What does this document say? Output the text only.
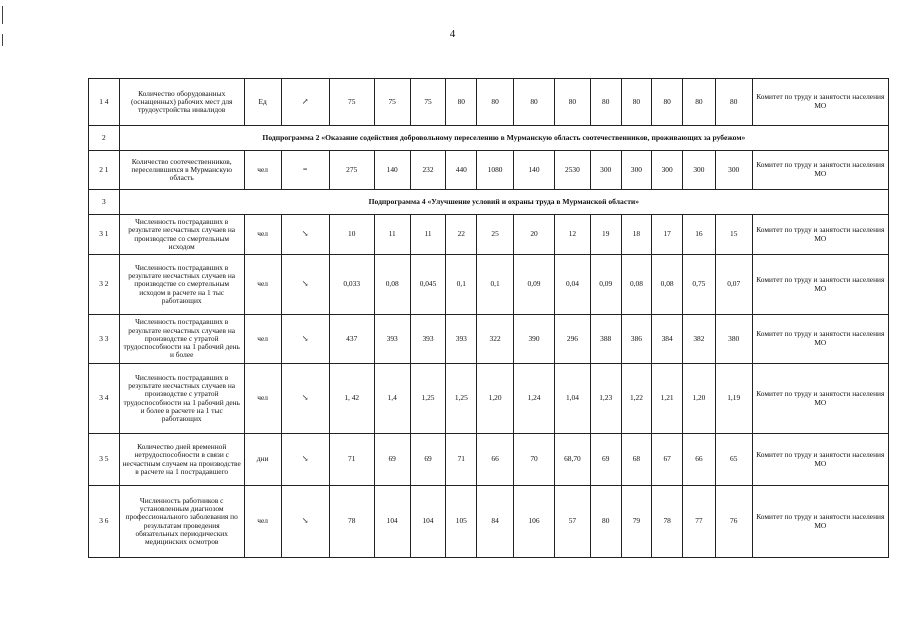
4
1 4	Количество оборудованных (оснащенных) рабочих мест для трудоустройства инвалидов	Ед	↗	75	75	75	80	80	80	80	80	80	80	80	80	Комитет по труду и занятости населения МО
2	Подпрограмма 2 «Оказание содействия добровольному переселению в Мурманскую область соотечественников, проживающих за рубежом»															
2 1	Количество соотечественников, переселившихся в Мурманскую область	чел	=	275	140	232	440	1080	140	2530	300	300	300	300	300	Комитет по труду и занятости населения МО
3	Подпрограмма 4 «Улучшение условий и охраны труда в Мурманской области»															
3 1	Численность пострадавших в результате несчастных случаев на производстве со смертельным исходом	чел	↘	10	11	11	22	25	20	12	19	18	17	16	15	Комитет по труду и занятости населения МО
3 2	Численность пострадавших в результате несчастных случаев на производстве со смертельным исходом в расчете на 1 тыс работающих	чел	↘	0,033	0,08	0,045	0,1	0,1	0,09	0,04	0,09	0,08	0,08	0,75	0,07	Комитет по труду и занятости населения МО
3 3	Численность пострадавших в результате несчастных случаев на производстве с утратой трудоспособности на 1 рабочий день и более	чел	↘	437	393	393	393	322	390	296	388	386	384	382	380	Комитет по труду и занятости населения МО
3 4	Численность пострадавших в результате несчастных случаев на производстве с утратой трудоспособности на 1 рабочий день и более в расчете на 1 тыс работающих	чел	↘	1, 42	1,4	1,25	1,25	1,20	1,24	1,04	1,23	1,22	1,21	1,20	1,19	Комитет по труду и занятости населения МО
3 5	Количество дней временной нетрудоспособности в связи с несчастным случаем на производстве в расчете на 1 пострадавшего	дни	↘	71	69	69	71	66	70	68,70	69	68	67	66	65	Комитет по труду и занятости населения МО
3 6	Численность работников с установленным диагнозом профессионального заболевания по результатам проведения обязательных периодических медицинских осмотров	чел	↘	78	104	104	105	84	106	57	80	79	78	77	76	Комитет по труду и занятости населения МО
